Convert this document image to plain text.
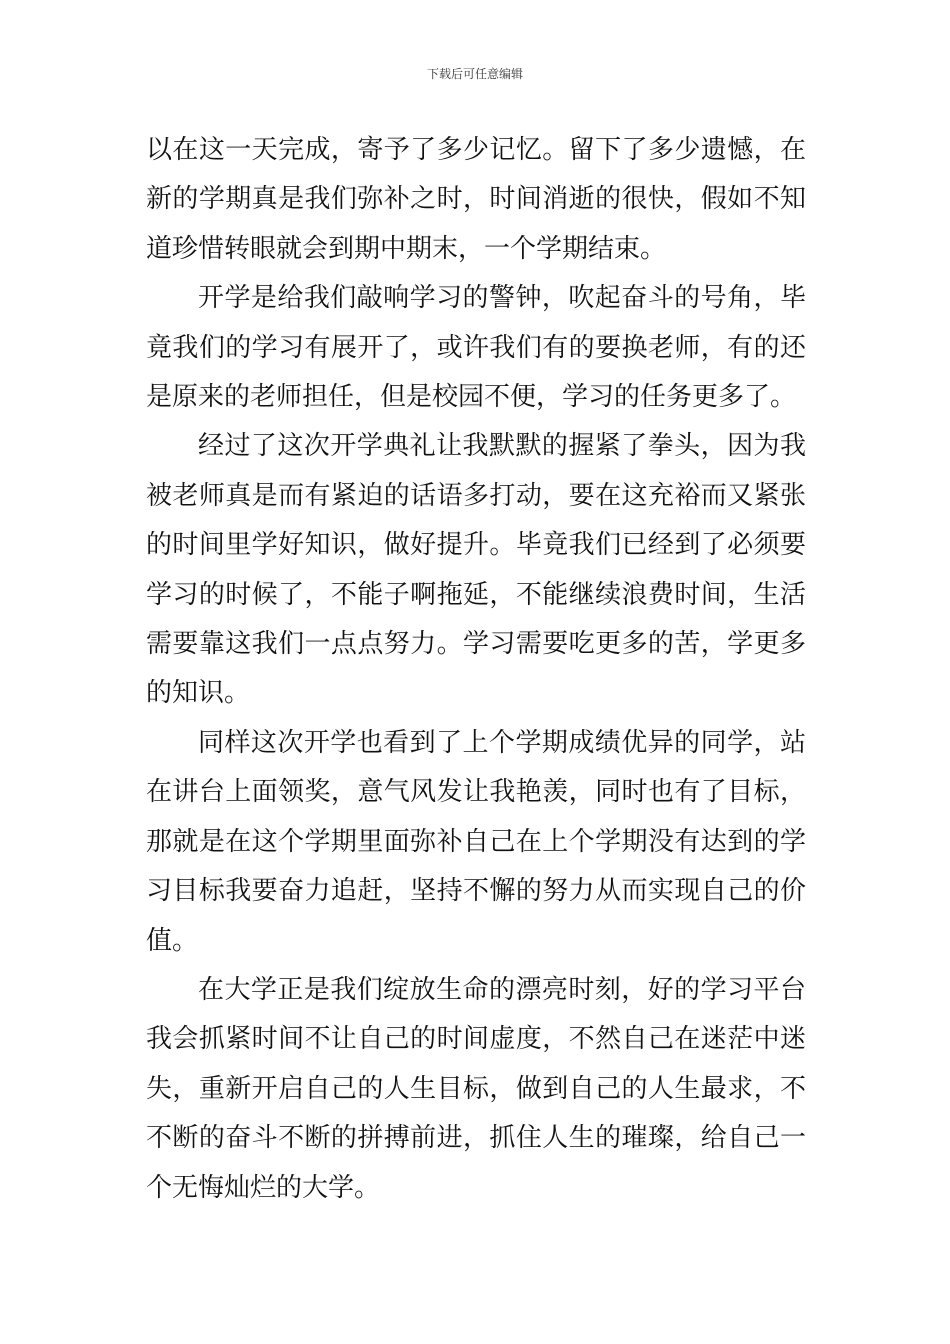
下载后可任意编辑

以在这一天完成，寄予了多少记忆。留下了多少遗憾，在新的学期真是我们弥补之时，时间消逝的很快，假如不知道珍惜转眼就会到期中期末，一个学期结束。

开学是给我们敲响学习的警钟，吹起奋斗的号角，毕竟我们的学习有展开了，或许我们有的要换老师，有的还是原来的老师担任，但是校园不便，学习的任务更多了。

经过了这次开学典礼让我默默的握紧了拳头，因为我被老师真是而有紧迫的话语多打动，要在这充裕而又紧张的时间里学好知识，做好提升。毕竟我们已经到了必须要学习的时候了，不能子啊拖延，不能继续浪费时间，生活需要靠这我们一点点努力。学习需要吃更多的苦，学更多的知识。

同样这次开学也看到了上个学期成绩优异的同学，站在讲台上面领奖，意气风发让我艳羡，同时也有了目标，那就是在这个学期里面弥补自己在上个学期没有达到的学习目标我要奋力追赶，坚持不懈的努力从而实现自己的价值。

在大学正是我们绽放生命的漂亮时刻，好的学习平台我会抓紧时间不让自己的时间虚度，不然自己在迷茫中迷失，重新开启自己的人生目标，做到自己的人生最求，不不断的奋斗不断的拼搏前进，抓住人生的璀璨，给自己一个无悔灿烂的大学。
